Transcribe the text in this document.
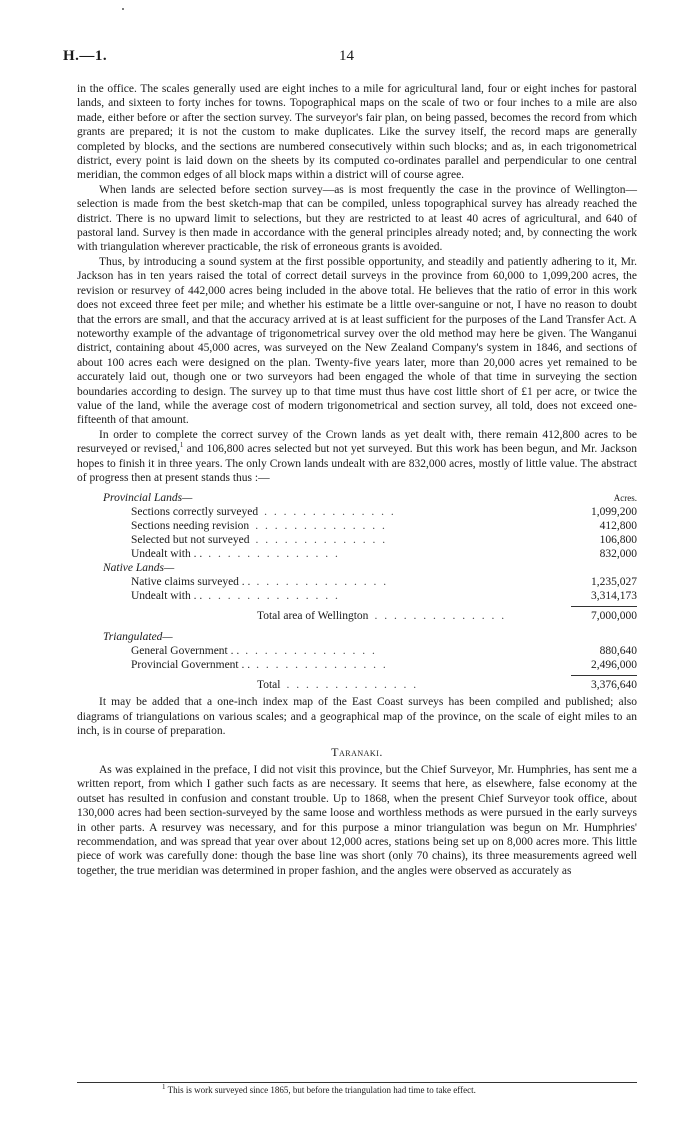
H.—1.	14

in the office. The scales generally used are eight inches to a mile for agricultural land, four or eight inches for pastoral lands, and sixteen to forty inches for towns. Topographical maps on the scale of two or four inches to a mile are also made, either before or after the section survey. The surveyor's fair plan, on being passed, becomes the record from which grants are prepared; it is not the custom to make duplicates. Like the survey itself, the record maps are generally completed by blocks, and the sections are numbered consecutively within such blocks; and as, in each trigonometrical district, every point is laid down on the sheets by its computed co-ordinates parallel and perpendicular to one central meridian, the common edges of all block maps within a district will of course agree.

When lands are selected before section survey—as is most frequently the case in the province of Wellington—selection is made from the best sketch-map that can be compiled, unless topographical survey has already reached the district. There is no upward limit to selections, but they are restricted to at least 40 acres of agricultural, and 640 of pastoral land. Survey is then made in accordance with the general principles already noted; and, by connecting the work with triangulation wherever practicable, the risk of erroneous grants is avoided.

Thus, by introducing a sound system at the first possible opportunity, and steadily and patiently adhering to it, Mr. Jackson has in ten years raised the total of correct detail surveys in the province from 60,000 to 1,099,200 acres, the revision or resurvey of 442,000 acres being included in the above total. He believes that the ratio of error in this work does not exceed three feet per mile; and whether his estimate be a little over-sanguine or not, I have no reason to doubt that the errors are small, and that the accuracy arrived at is at least sufficient for the purposes of the Land Transfer Act. A noteworthy example of the advantage of trigonometrical survey over the old method may here be given. The Wanganui district, containing about 45,000 acres, was surveyed on the New Zealand Company's system in 1846, and sections of about 100 acres each were designed on the plan. Twenty-five years later, more than 20,000 acres yet remained to be accurately laid out, though one or two surveyors had been engaged the whole of that time in surveying the section boundaries according to design. The survey up to that time must thus have cost little short of £1 per acre, or twice the value of the land, while the average cost of modern trigonometrical and section survey, all told, does not exceed one-fifteenth of that amount.

In order to complete the correct survey of the Crown lands as yet dealt with, there remain 412,800 acres to be resurveyed or revised,$^1$ and 106,800 acres selected but not yet surveyed. But this work has been begun, and Mr. Jackson hopes to finish it in three years. The only Crown lands undealt with are 832,000 acres, mostly of little value. The abstract of progress then at present stands thus :—

Provincial Lands—	Acres.
Sections correctly surveyed . . . . . . . . . . . . . .	1,099,200
Sections needing revision . . . . . . . . . . . . . .	412,800
Selected but not surveyed . . . . . . . . . . . . . .	106,800
Undealt with . . . . . . . . . . . . . . . .	832,000
Native Lands—
Native claims surveyed . . . . . . . . . . . . . . . .	1,235,027
Undealt with . . . . . . . . . . . . . . . .	3,314,173
Total area of Wellington . . . . . . . . . . . . . .	7,000,000
Triangulated—
General Government . . . . . . . . . . . . . . . .	880,640
Provincial Government . . . . . . . . . . . . . . . .	2,496,000
Total . . . . . . . . . . . . . .	3,376,640

It may be added that a one-inch index map of the East Coast surveys has been compiled and published; also diagrams of triangulations on various scales; and a geographical map of the province, on the scale of eight miles to an inch, is in course of preparation.

Taranaki.

As was explained in the preface, I did not visit this province, but the Chief Surveyor, Mr. Humphries, has sent me a written report, from which I gather such facts as are necessary. It seems that here, as elsewhere, false economy at the outset has resulted in confusion and constant trouble. Up to 1868, when the present Chief Surveyor took office, about 130,000 acres had been section-surveyed by the same loose and worthless methods as were pursued in the early surveys in other parts. A resurvey was necessary, and for this purpose a minor triangulation was begun on Mr. Humphries' recommendation, and was spread that year over about 12,000 acres, stations being set up on 8,000 acres more. This little piece of work was carefully done: though the base line was short (only 70 chains), its three measurements agreed well together, the true meridian was determined in proper fashion, and the angles were observed as accurately as

$^1$ This is work surveyed since 1865, but before the triangulation had time to take effect.
